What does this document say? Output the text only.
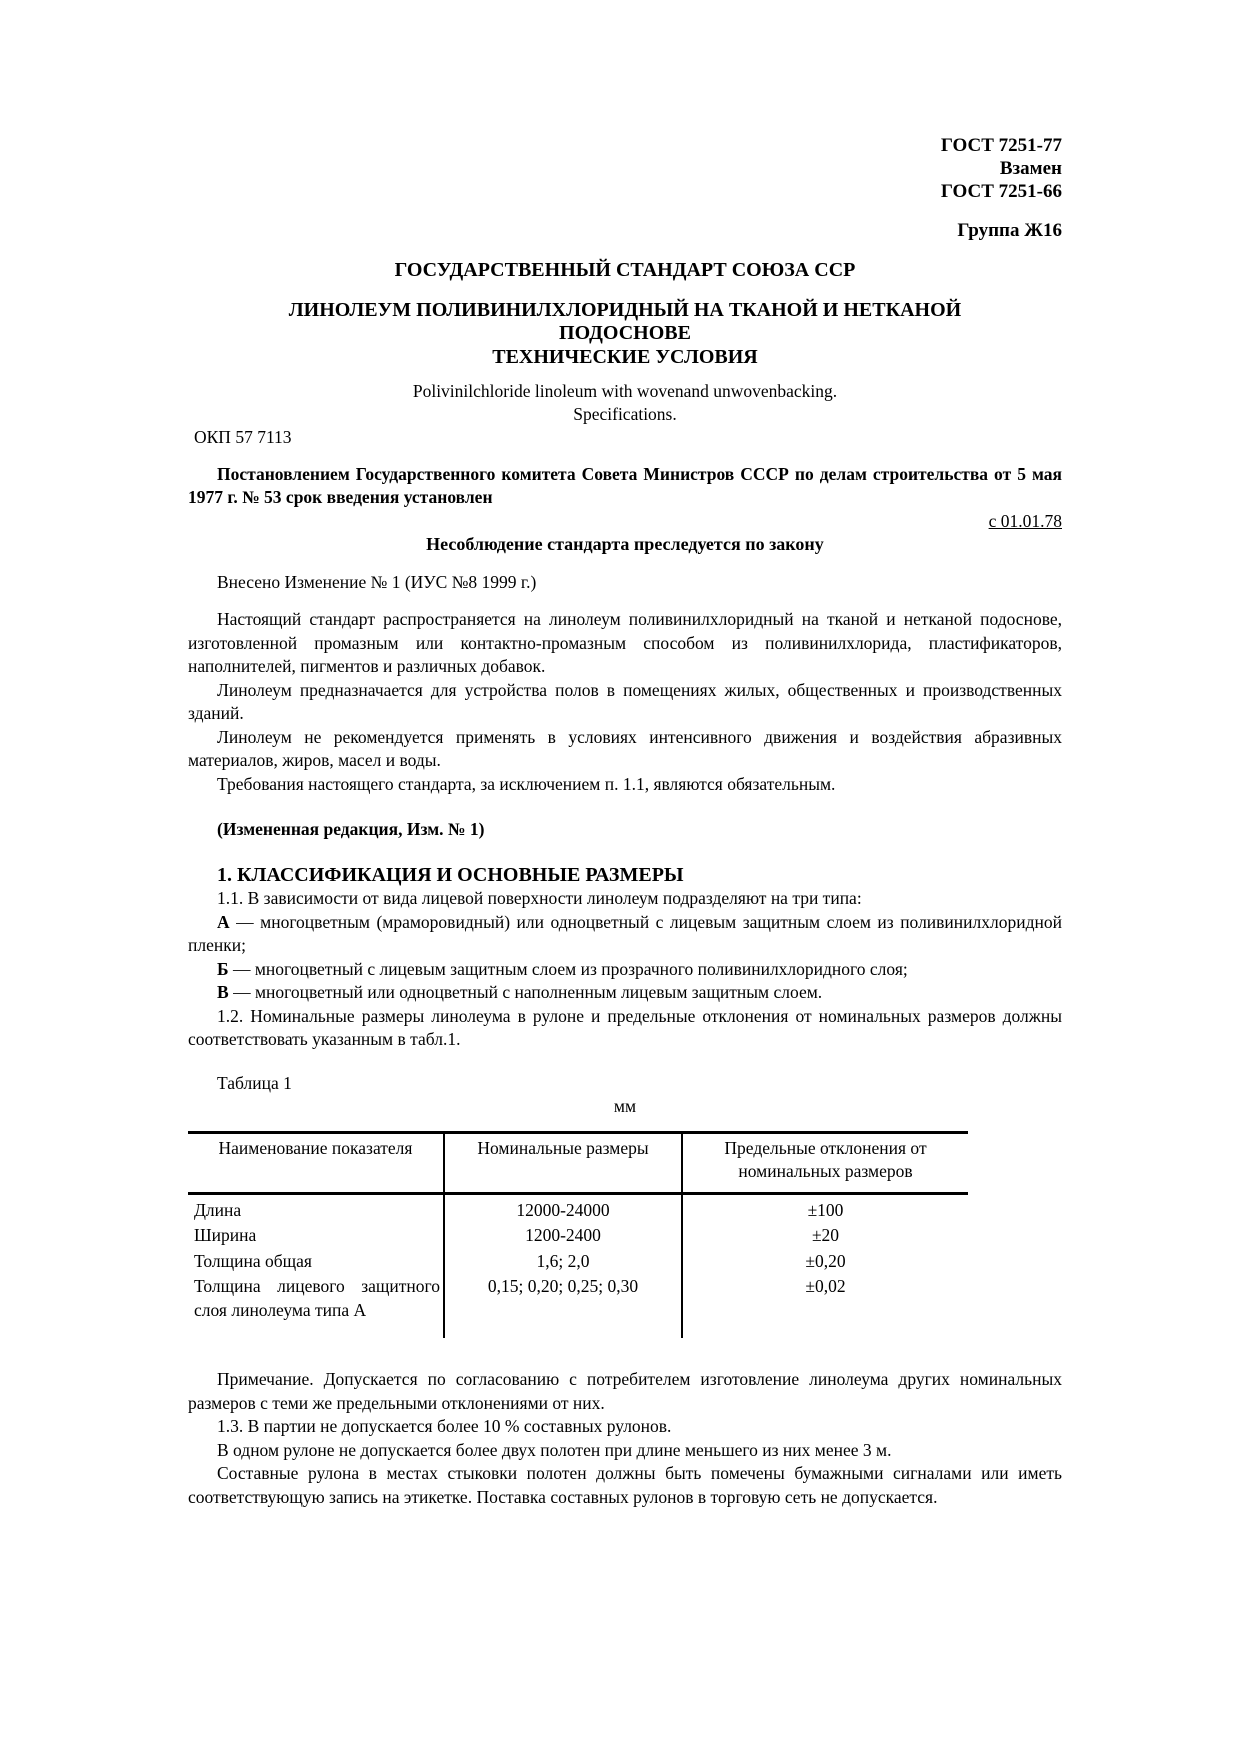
ГОСТ 7251-77
Взамен
ГОСТ 7251-66
Группа Ж16
ГОСУДАРСТВЕННЫЙ СТАНДАРТ СОЮЗА ССР
ЛИНОЛЕУМ ПОЛИВИНИЛХЛОРИДНЫЙ НА ТКАНОЙ И НЕТКАНОЙ
ПОДОСНОВЕ
ТЕХНИЧЕСКИЕ УСЛОВИЯ
Polivinilchloride linoleum with wovenand unwovenbacking.
Specifications.
ОКП 57 7113

Постановлением Государственного комитета Совета Министров СССР по делам строительства от 5 мая 1977 г. № 53 срок введения установлен

с 01.01.78
Несоблюдение стандарта преследуется по закону

Внесено Изменение № 1 (ИУС №8 1999 г.)

Настоящий стандарт распространяется на линолеум поливинилхлоридный на тканой и нетканой подоснове, изготовленной промазным или контактно-промазным способом из поливинилхлорида, пластификаторов, наполнителей, пигментов и различных добавок.

Линолеум предназначается для устройства полов в помещениях жилых, общественных и производственных зданий.

Линолеум не рекомендуется применять в условиях интенсивного движения и воздействия абразивных материалов, жиров, масел и воды.

Требования настоящего стандарта, за исключением п. 1.1, являются обязательным.

(Измененная редакция, Изм. № 1)

1. КЛАССИФИКАЦИЯ И ОСНОВНЫЕ РАЗМЕРЫ

1.1. В зависимости от вида лицевой поверхности линолеум подразделяют на три типа:

А — многоцветным (мраморовидный) или одноцветный с лицевым защитным слоем из поливинилхлоридной пленки;

Б — многоцветный с лицевым защитным слоем из прозрачного поливинилхлоридного слоя;

В — многоцветный или одноцветный с наполненным лицевым защитным слоем.

1.2. Номинальные размеры линолеума в рулоне и предельные отклонения от номинальных размеров должны соответствовать указанным в табл.1.

Таблица 1

мм
Наименование показателя	Номинальные размеры	Предельные отклонения от номинальных размеров

Длина	12000-24000	±100
Ширина	1200-2400	±20
Толщина общая	1,6; 2,0	±0,20
Толщина лицевого защитного слоя линолеума типа А	0,15; 0,20; 0,25; 0,30	±0,02

Примечание. Допускается по согласованию с потребителем изготовление линолеума других номинальных размеров с теми же предельными отклонениями от них.

1.3. В партии не допускается более 10 % составных рулонов.

В одном рулоне не допускается более двух полотен при длине меньшего из них менее 3 м.

Составные рулона в местах стыковки полотен должны быть помечены бумажными сигналами или иметь соответствующую запись на этикетке. Поставка составных рулонов в торговую сеть не допускается.
